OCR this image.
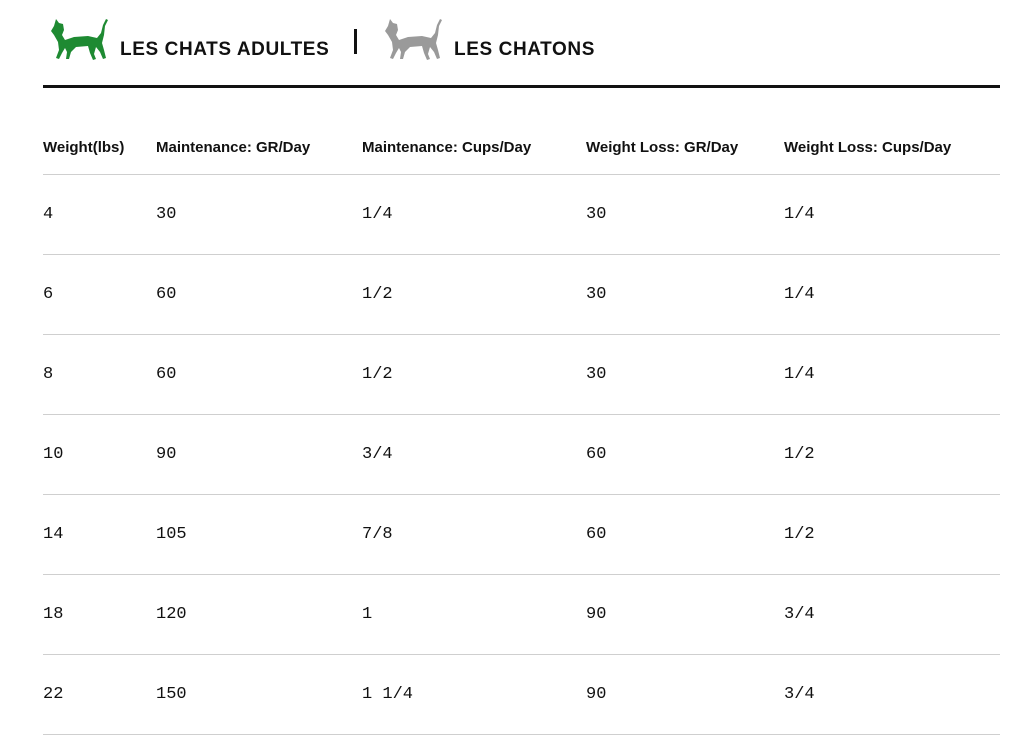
LES CHATS ADULTES	LES CHATONS
Weight(lbs)	Maintenance: GR/Day	Maintenance: Cups/Day	Weight Loss: GR/Day	Weight Loss: Cups/Day
4	30	1/4	30	1/4
6	60	1/2	30	1/4
8	60	1/2	30	1/4
10	90	3/4	60	1/2
14	105	7/8	60	1/2
18	120	1	90	3/4
22	150	1 1/4	90	3/4
